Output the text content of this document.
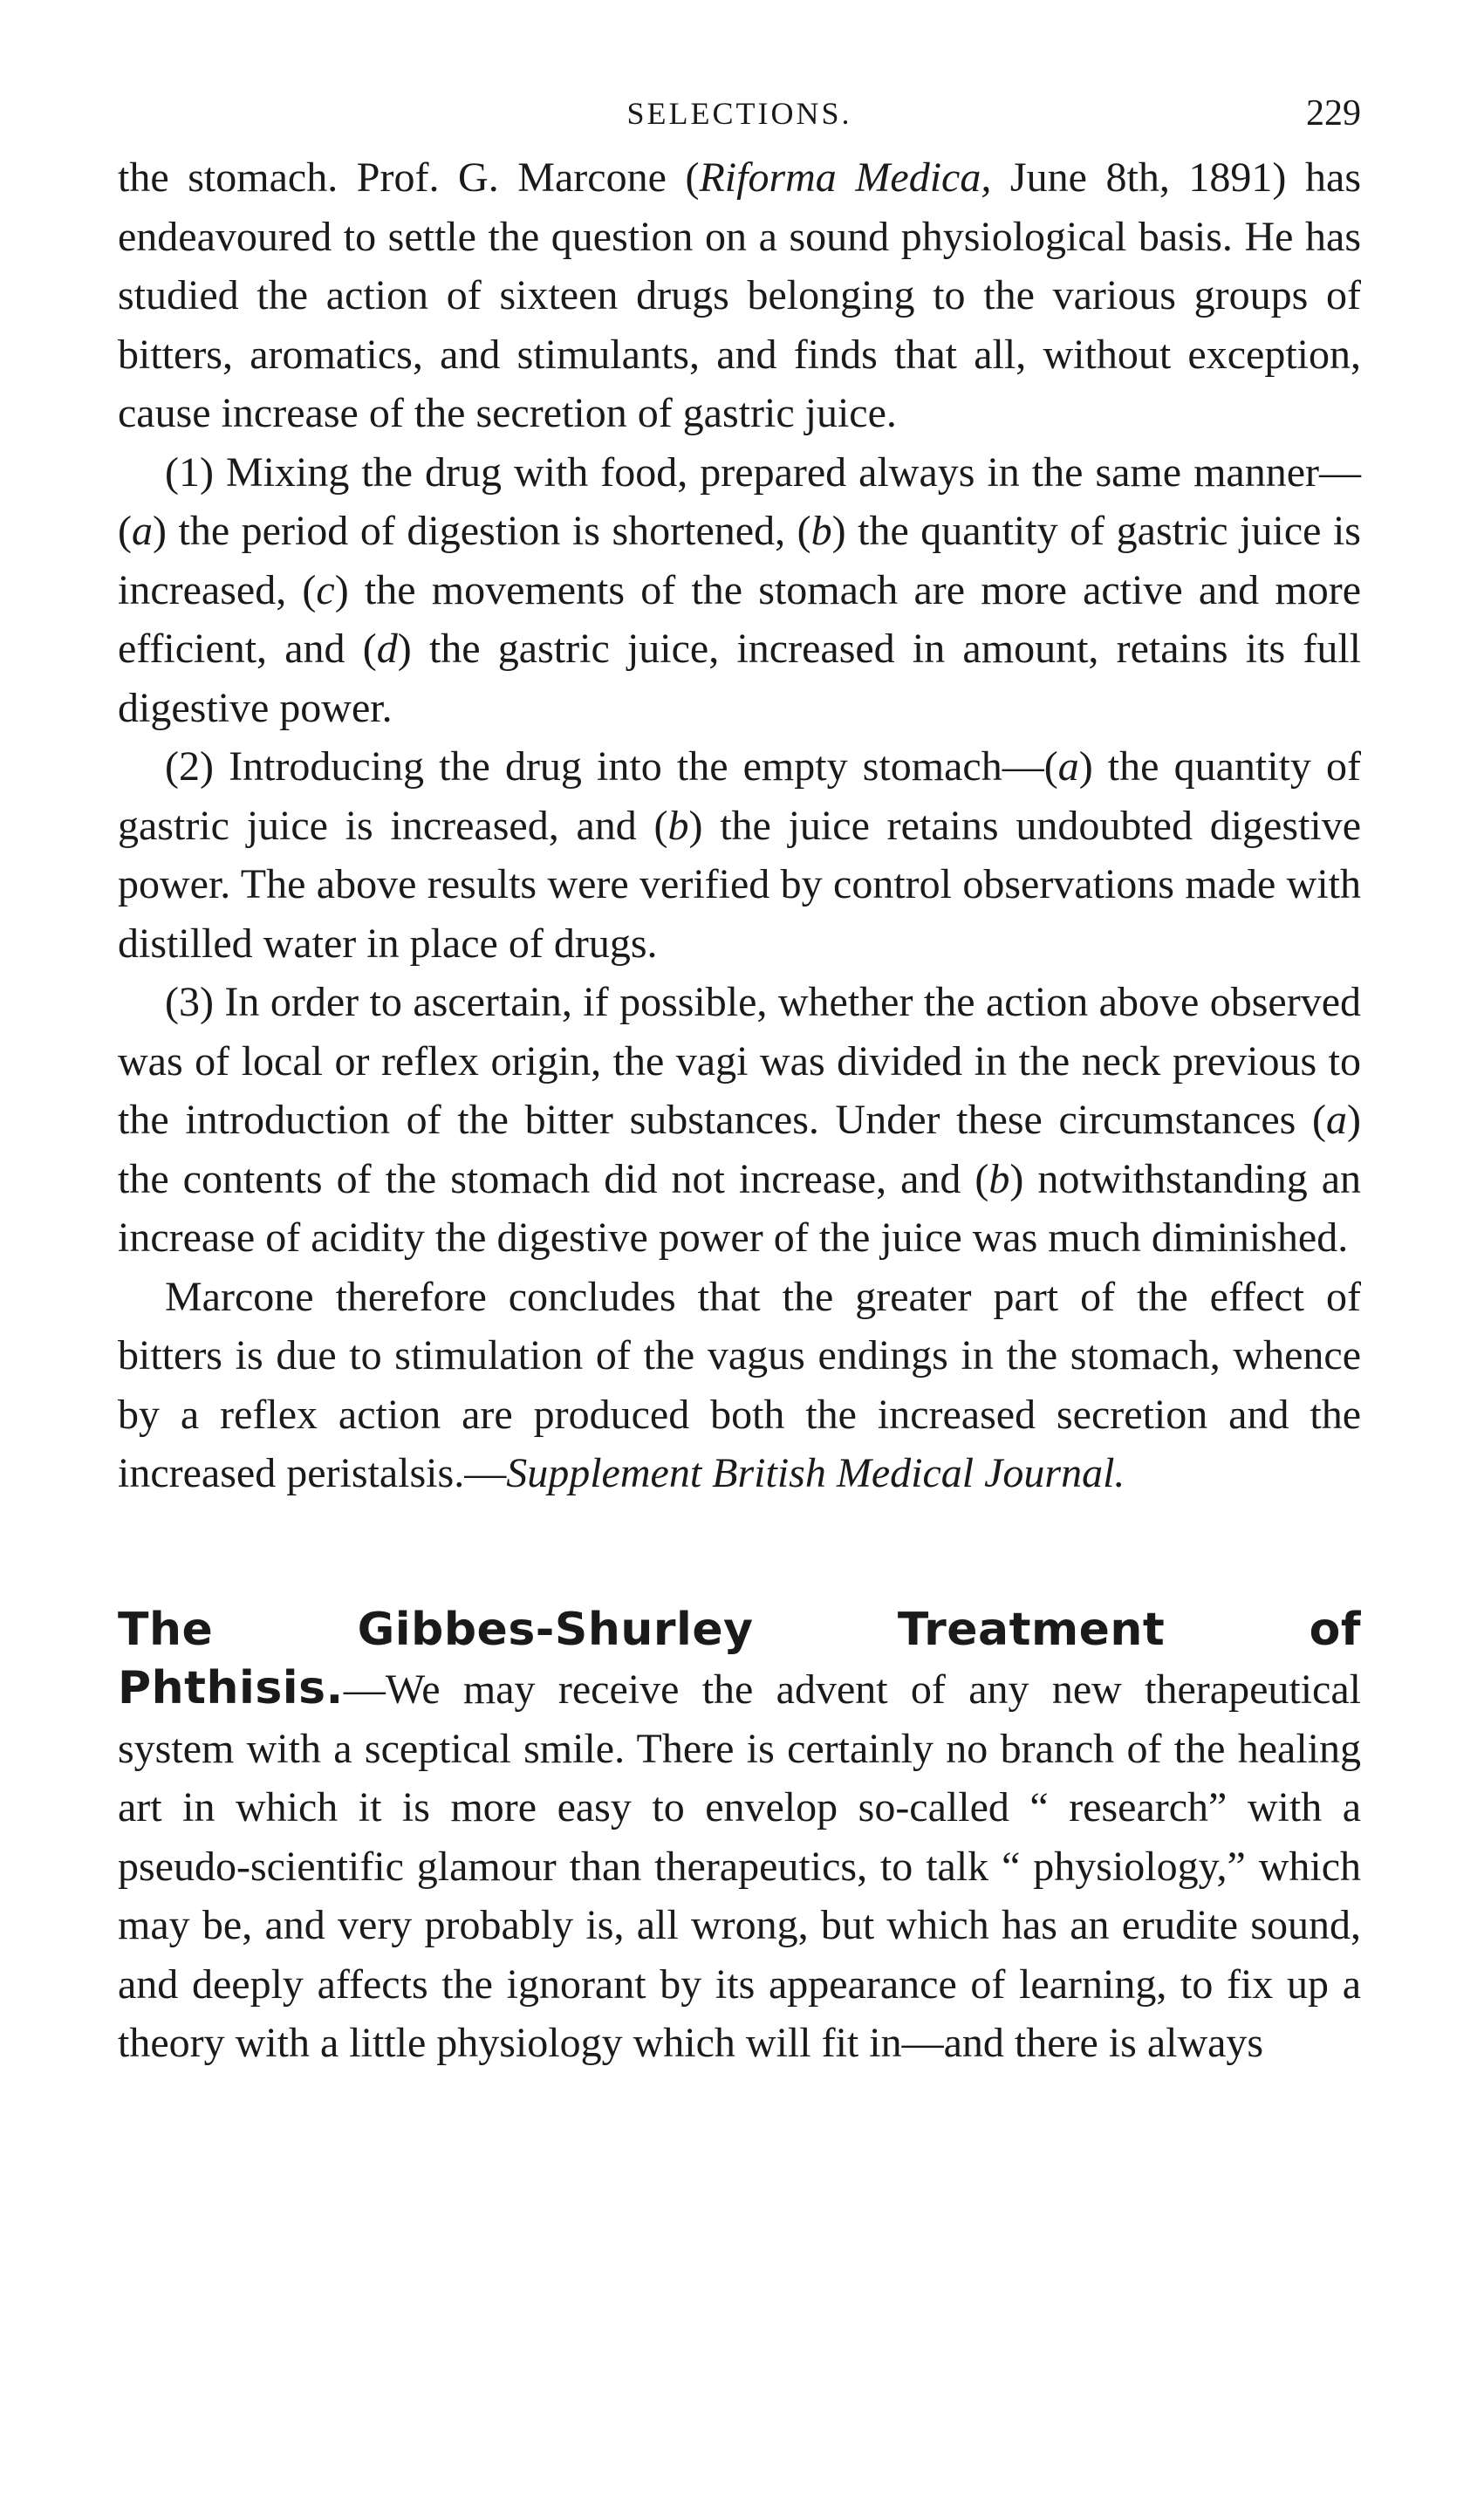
SELECTIONS.	229

the stomach. Prof. G. Marcone (Riforma Medica, June 8th, 1891) has endeavoured to settle the question on a sound physiological basis. He has studied the action of sixteen drugs belonging to the various groups of bitters, aromatics, and stimulants, and finds that all, without exception, cause increase of the secretion of gastric juice.

(1) Mixing the drug with food, prepared always in the same manner—(a) the period of digestion is shortened, (b) the quantity of gastric juice is increased, (c) the movements of the stomach are more active and more efficient, and (d) the gastric juice, increased in amount, retains its full digestive power.

(2) Introducing the drug into the empty stomach—(a) the quantity of gastric juice is increased, and (b) the juice retains undoubted digestive power. The above results were verified by control observations made with distilled water in place of drugs.

(3) In order to ascertain, if possible, whether the action above observed was of local or reflex origin, the vagi was divided in the neck previous to the introduction of the bitter substances. Under these circumstances (a) the contents of the stomach did not increase, and (b) notwithstanding an increase of acidity the digestive power of the juice was much diminished.

Marcone therefore concludes that the greater part of the effect of bitters is due to stimulation of the vagus endings in the stomach, whence by a reflex action are produced both the increased secretion and the increased peristalsis.—Supplement British Medical Journal.

The	Gibbes-Shurley	Treatment	of

Phthisis.—We may receive the advent of any new therapeutical system with a sceptical smile. There is certainly no branch of the healing art in which it is more easy to envelop so-called “ research” with a pseudo-scientific glamour than therapeutics, to talk “ physiology,” which may be, and very probably is, all wrong, but which has an erudite sound, and deeply affects the ignorant by its appearance of learning, to fix up a theory with a little physiology which will fit in—and there is always
